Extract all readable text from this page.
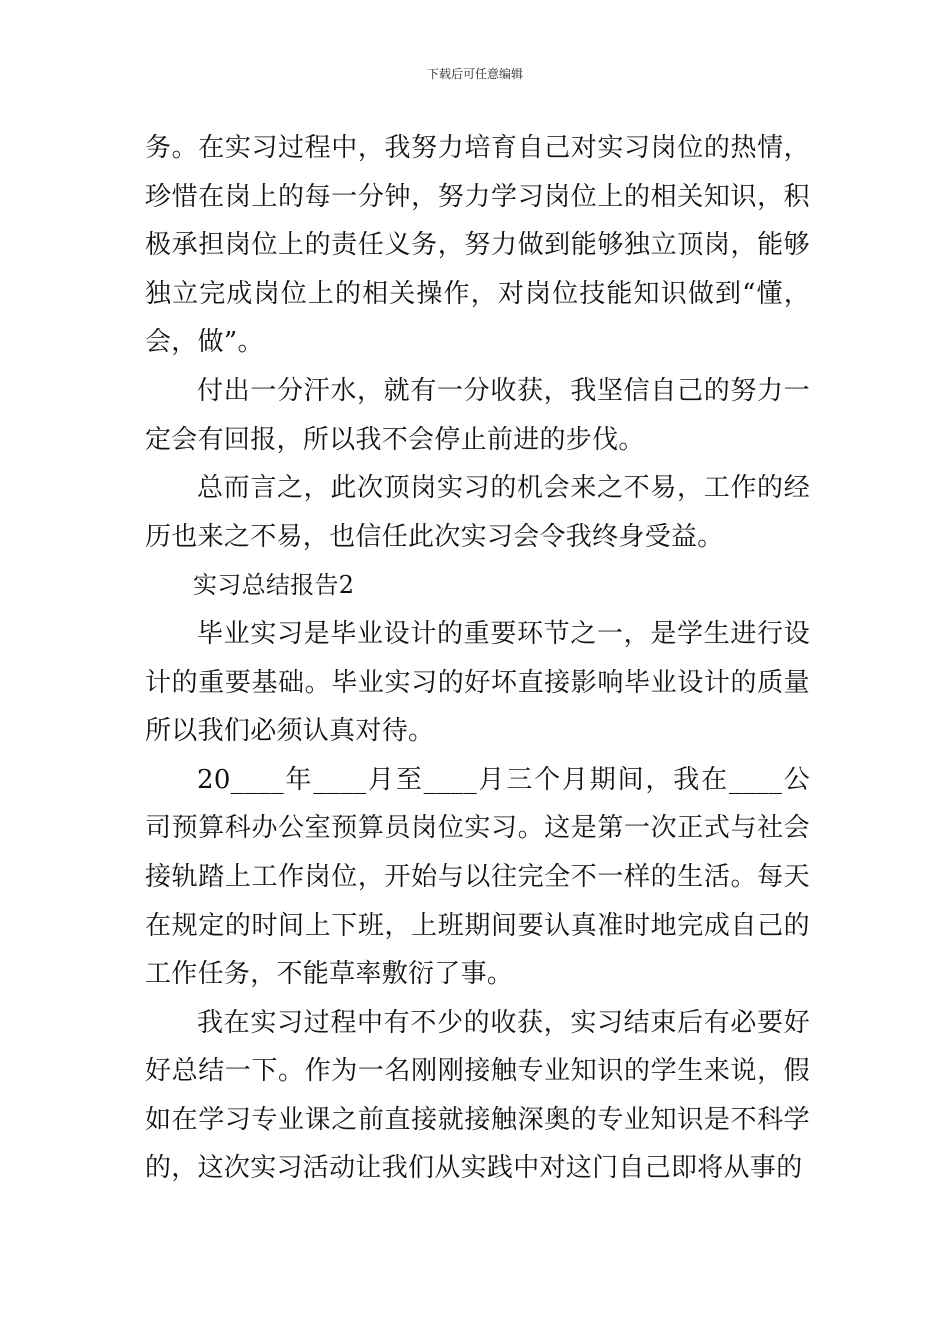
下载后可任意编辑

务。在实习过程中，我努力培育自己对实习岗位的热情，珍惜在岗上的每一分钟，努力学习岗位上的相关知识，积极承担岗位上的责任义务，努力做到能够独立顶岗，能够独立完成岗位上的相关操作，对岗位技能知识做到“懂，会，做”。

付出一分汗水，就有一分收获，我坚信自己的努力一定会有回报，所以我不会停止前进的步伐。

总而言之，此次顶岗实习的机会来之不易，工作的经历也来之不易，也信任此次实习会令我终身受益。

实习总结报告2

毕业实习是毕业设计的重要环节之一，是学生进行设计的重要基础。毕业实习的好坏直接影响毕业设计的质量所以我们必须认真对待。

20____年____月至____月三个月期间，我在____公司预算科办公室预算员岗位实习。这是第一次正式与社会接轨踏上工作岗位，开始与以往完全不一样的生活。每天在规定的时间上下班，上班期间要认真准时地完成自己的工作任务，不能草率敷衍了事。

我在实习过程中有不少的收获，实习结束后有必要好好总结一下。作为一名刚刚接触专业知识的学生来说，假如在学习专业课之前直接就接触深奥的专业知识是不科学的，这次实习活动让我们从实践中对这门自己即将从事的
